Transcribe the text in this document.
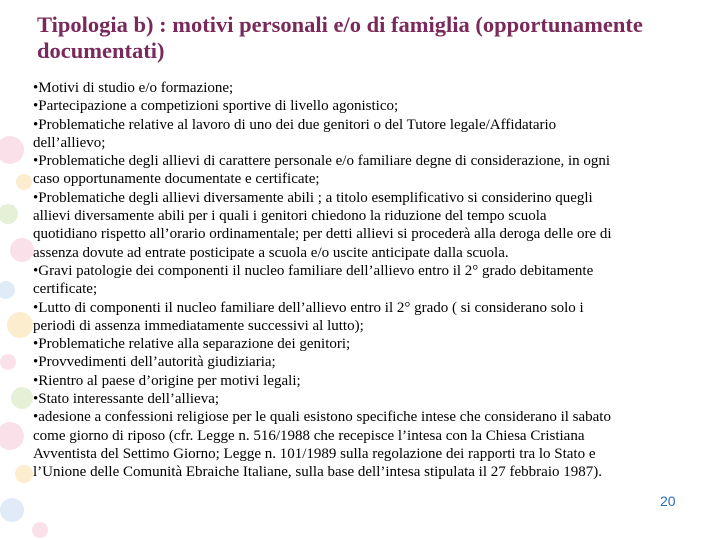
Tipologia b) : motivi personali e/o di famiglia (opportunamente
documentati)
•Motivi di studio e/o formazione;
•Partecipazione a competizioni sportive di livello agonistico;
•Problematiche relative al lavoro di uno dei due genitori o del Tutore legale/Affidatario
dell’allievo;
•Problematiche degli allievi di carattere personale e/o familiare degne di considerazione, in ogni
caso opportunamente documentate e certificate;
•Problematiche degli allievi diversamente abili ; a titolo esemplificativo si considerino quegli
allievi diversamente abili per i quali i genitori chiedono la riduzione del tempo scuola
quotidiano rispetto all’orario ordinamentale; per detti allievi si procederà alla deroga delle ore di
assenza dovute ad entrate posticipate a scuola e/o uscite anticipate dalla scuola.
•Gravi patologie dei componenti il nucleo familiare dell’allievo entro il 2° grado debitamente
certificate;
•Lutto di componenti il nucleo familiare dell’allievo entro il 2° grado ( si considerano solo i
periodi di assenza immediatamente successivi al lutto);
•Problematiche relative alla separazione dei genitori;
•Provvedimenti dell’autorità giudiziaria;
•Rientro al paese d’origine per motivi legali;
•Stato interessante dell’allieva;
•adesione a confessioni religiose per le quali esistono specifiche intese che considerano il sabato
come giorno di riposo (cfr. Legge n. 516/1988 che recepisce l’intesa con la Chiesa Cristiana
Avventista del Settimo Giorno; Legge n. 101/1989 sulla regolazione dei rapporti tra lo Stato e
l’Unione delle Comunità Ebraiche Italiane, sulla base dell’intesa stipulata il 27 febbraio 1987).
20
